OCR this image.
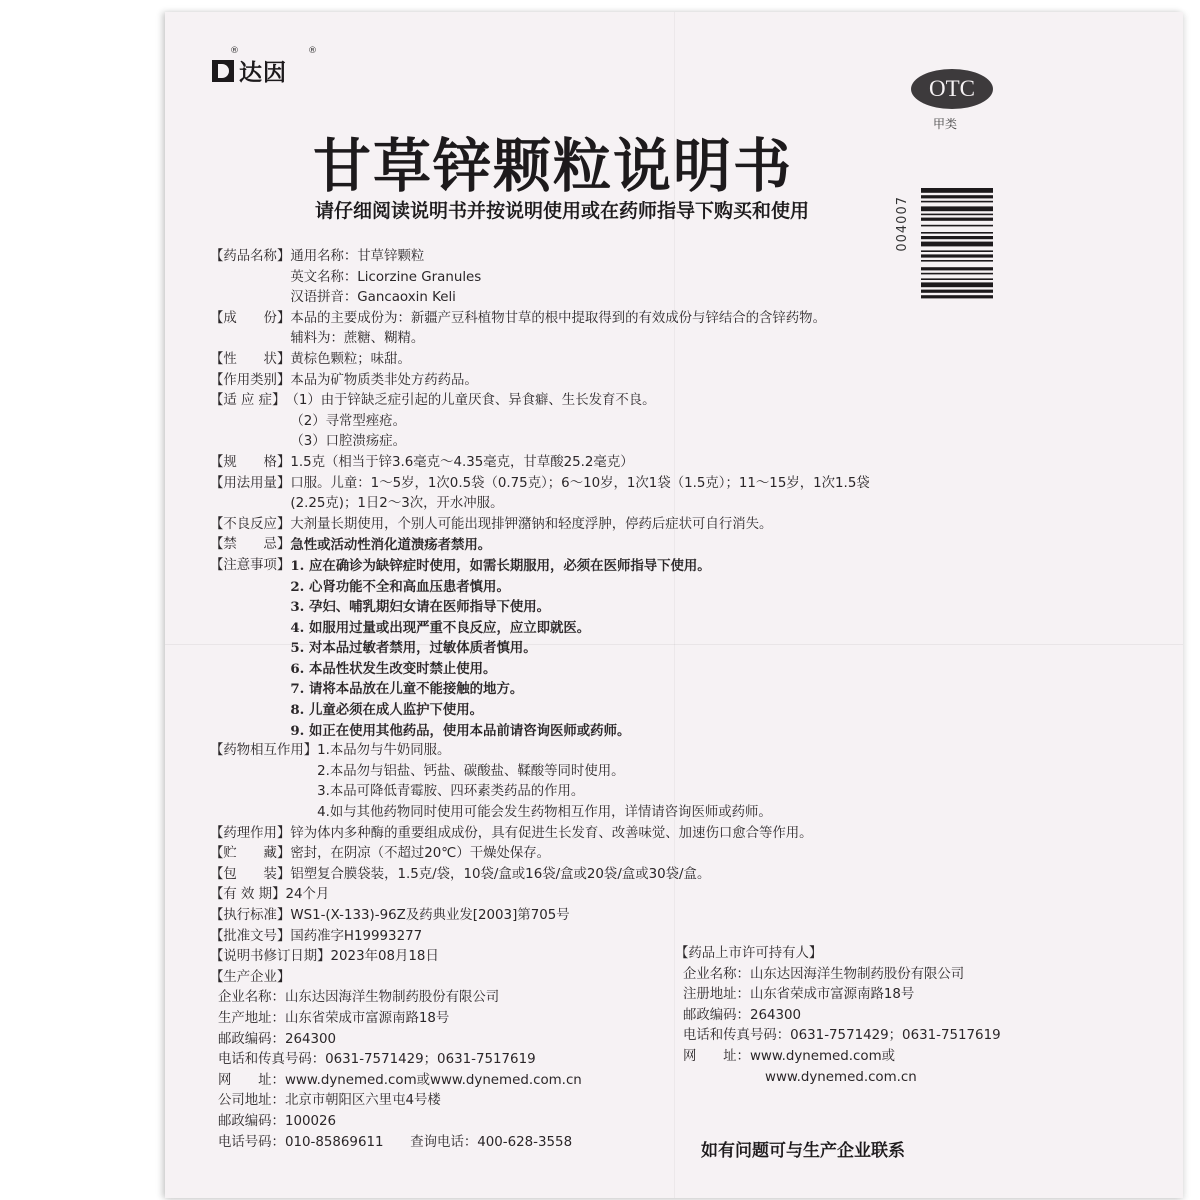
®
达因
®
OTC
甲类
甘草锌颗粒说明书
请仔细阅读说明书并按说明使用或在药师指导下购买和使用	004007
【药品名称】 通用名称：甘草锌颗粒
英文名称：Licorzine Granules
汉语拼音：Gancaoxin Keli
【成　　份】 本品的主要成份为：新疆产豆科植物甘草的根中提取得到的有效成份与锌结合的含锌药物。
辅料为：蔗糖、糊精。
【性　　状】 黄棕色颗粒；味甜。
【作用类别】 本品为矿物质类非处方药药品。
【适 应 症】 （1）由于锌缺乏症引起的儿童厌食、异食癖、生长发育不良。
（2）寻常型痤疮。
（3）口腔溃疡症。
【规　　格】 1.5克（相当于锌3.6毫克～4.35毫克，甘草酸25.2毫克）
【用法用量】 口服。儿童：1～5岁，1次0.5袋（0.75克）；6～10岁，1次1袋（1.5克）；11～15岁，1次1.5袋
(2.25克)；1日2～3次，开水冲服。
【不良反应】 大剂量长期使用，个别人可能出现排钾潴钠和轻度浮肿，停药后症状可自行消失。
【禁　　忌】 急性或活动性消化道溃疡者禁用。
【注意事项】 1. 应在确诊为缺锌症时使用，如需长期服用，必须在医师指导下使用。
2. 心肾功能不全和高血压患者慎用。
3. 孕妇、哺乳期妇女请在医师指导下使用。
4. 如服用过量或出现严重不良反应，应立即就医。
5. 对本品过敏者禁用，过敏体质者慎用。
6. 本品性状发生改变时禁止使用。
7. 请将本品放在儿童不能接触的地方。
8. 儿童必须在成人监护下使用。
9. 如正在使用其他药品，使用本品前请咨询医师或药师。
【药物相互作用】 1.本品勿与牛奶同服。
2.本品勿与铝盐、钙盐、碳酸盐、鞣酸等同时使用。
3.本品可降低青霉胺、四环素类药品的作用。
4.如与其他药物同时使用可能会发生药物相互作用，详情请咨询医师或药师。
【药理作用】 锌为体内多种酶的重要组成成份，具有促进生长发育、改善味觉、加速伤口愈合等作用。
【贮　　藏】 密封，在阴凉（不超过20℃）干燥处保存。
【包　　装】 铝塑复合膜袋装，1.5克/袋，10袋/盒或16袋/盒或20袋/盒或30袋/盒。
【有 效 期】 24个月
【执行标准】 WS1-(X-133)-96Z及药典业发[2003]第705号
【批准文号】 国药准字H19993277
【说明书修订日期】 2023年08月18日
【生产企业】
企业名称： 山东达因海洋生物制药股份有限公司
生产地址： 山东省荣成市富源南路18号
邮政编码： 264300
电话和传真号码： 0631-7571429；0631-7517619
网　　址： www.dynemed.com或www.dynemed.com.cn
公司地址： 北京市朝阳区六里屯4号楼
邮政编码： 100026
电话号码： 010-85869611　　查询电话：400-628-3558
【药品上市许可持有人】
企业名称： 山东达因海洋生物制药股份有限公司
注册地址： 山东省荣成市富源南路18号
邮政编码： 264300
电话和传真号码： 0631-7571429；0631-7517619
网　　址： www.dynemed.com或
www.dynemed.com.cn
如有问题可与生产企业联系
